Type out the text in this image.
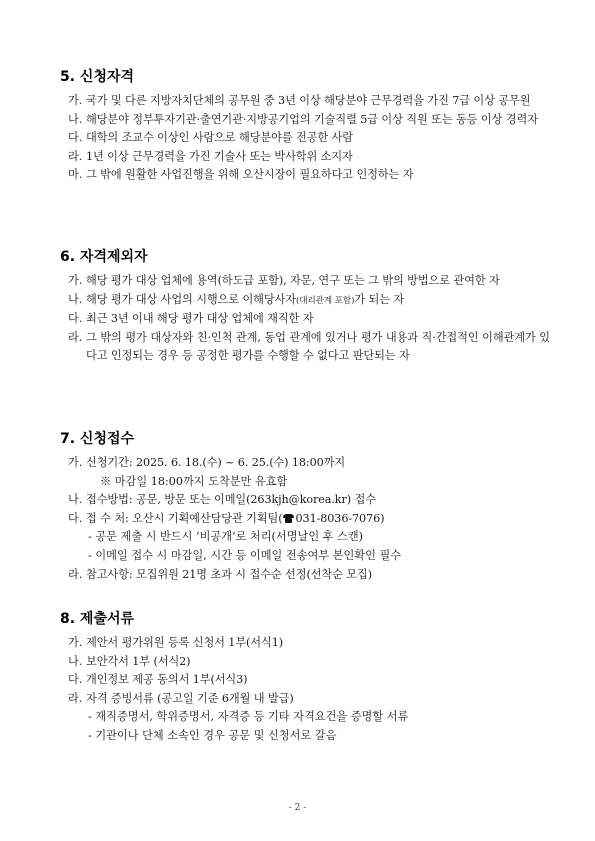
5. 신청자격
가. 국가 및 다른 지방자치단체의 공무원 중 3년 이상 해당분야 근무경력을 가진 7급 이상 공무원
나. 해당분야 정부투자기관·출연기관·지방공기업의 기술직렬 5급 이상 직원 또는 동등 이상 경력자
다. 대학의 조교수 이상인 사람으로 해당분야를 전공한 사람
라. 1년 이상 근무경력을 가진 기술사 또는 박사학위 소지자
마. 그 밖에 원활한 사업진행을 위해 오산시장이 필요하다고 인정하는 자
6. 자격제외자
가. 해당 평가 대상 업체에 용역(하도급 포함), 자문, 연구 또는 그 밖의 방법으로 관여한 자
나. 해당 평가 대상 사업의 시행으로 이해당사자(대리관계 포함)가 되는 자
다. 최근 3년 이내 해당 평가 대상 업체에 재직한 자
라. 그 밖의 평가 대상자와 친·인척 관계, 동업 관계에 있거나 평가 내용과 직·간접적인 이해관계가 있다고 인정되는 경우 등 공정한 평가를 수행할 수 없다고 판단되는 자
7. 신청접수
가. 신청기간: 2025. 6. 18.(수) ~ 6. 25.(수) 18:00까지
※ 마감일 18:00까지 도착분만 유효함
나. 접수방법: 공문, 방문 또는 이메일(263kjh@korea.kr) 접수
다. 접 수 처: 오산시 기획예산담당관 기획팀( 031-8036-7076)
- 공문 제출 시 반드시 ‘비공개’로 처리(서명날인 후 스캔)
- 이메일 접수 시 마감일, 시간 등 이메일 전송여부 본인확인 필수
라. 참고사항: 모집위원 21명 초과 시 접수순 선정(선착순 모집)
8. 제출서류
가. 제안서 평가위원 등록 신청서 1부(서식1)
나. 보안각서 1부 (서식2)
다. 개인정보 제공 동의서 1부(서식3)
라. 자격 증빙서류 (공고일 기준 6개월 내 발급)
- 재직증명서, 학위증명서, 자격증 등 기타 자격요건을 증명할 서류
- 기관이나 단체 소속인 경우 공문 및 신청서로 갈음
- 2 -
